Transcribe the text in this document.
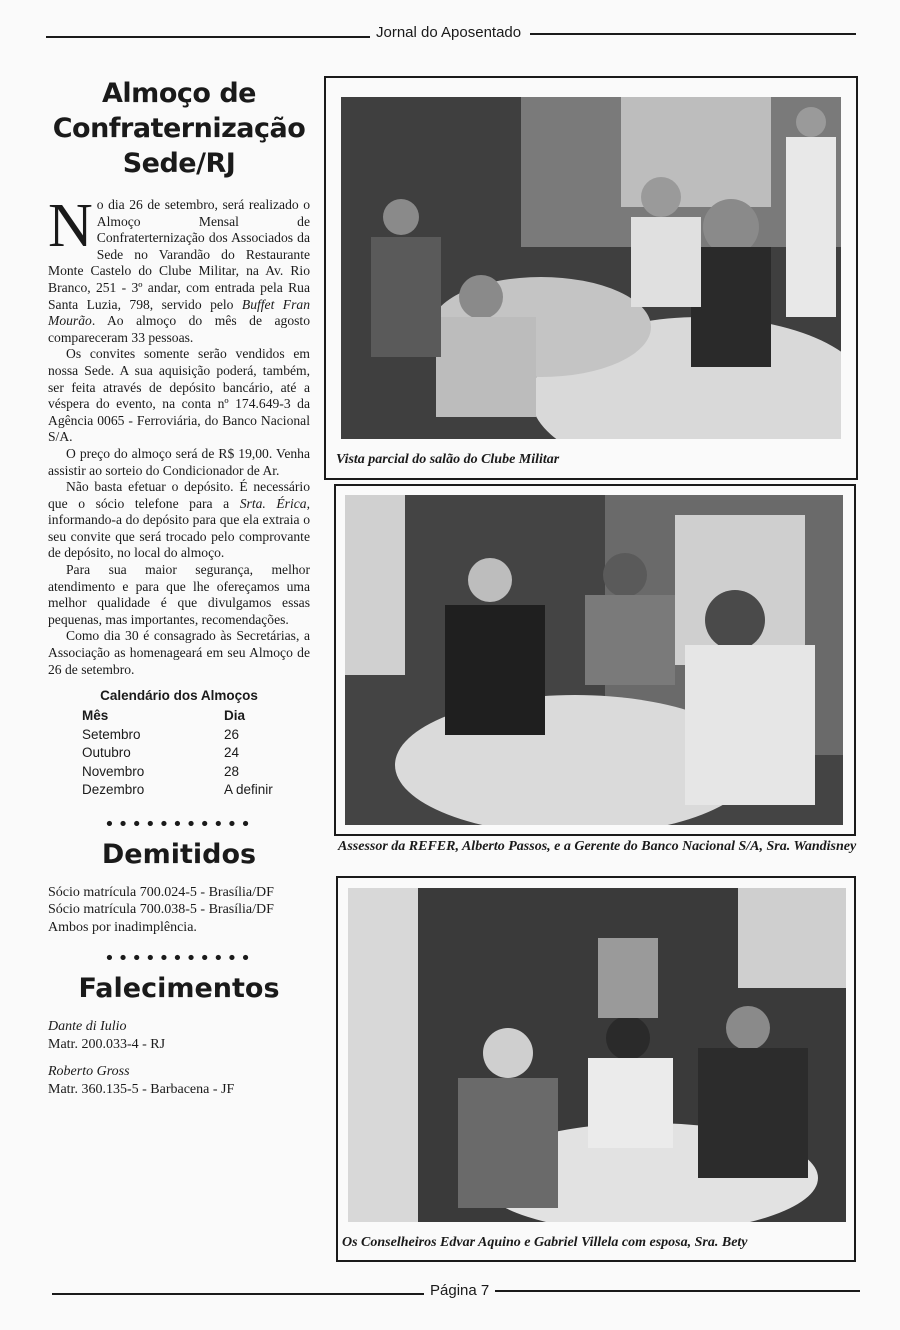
Jornal do Aposentado
Almoço de
Confraternização
Sede/RJ

No dia 26 de setembro, será realizado o Almoço Mensal de Confraterternização dos Associados da Sede no Varandão do Restaurante Monte Castelo do Clube Militar, na Av. Rio Branco, 251 - 3º andar, com entrada pela Rua Santa Luzia, 798, servido pelo Buffet Fran Mourão. Ao almoço do mês de agosto compareceram 33 pessoas.

Os convites somente serão vendidos em nossa Sede. A sua aquisição poderá, também, ser feita através de depósito bancário, até a véspera do evento, na conta nº 174.649-3 da Agência 0065 - Ferroviária, do Banco Nacional S/A.

O preço do almoço será de R$ 19,00. Venha assistir ao sorteio do Condicionador de Ar.

Não basta efetuar o depósito. É necessário que o sócio telefone para a Srta. Érica, informando-a do depósito para que ela extraia o seu convite que será trocado pelo comprovante de depósito, no local do almoço.

Para sua maior segurança, melhor atendimento e para que lhe ofereçamos uma melhor qualidade é que divulgamos essas pequenas, mas importantes, recomendações.

Como dia 30 é consagrado às Secretárias, a Associação as homenageará em seu Almoço de 26 de setembro.

Calendário dos Almoços
Mês	Dia
Setembro	26
Outubro	24
Novembro	28
Dezembro	A definir
•••••••••••
Demitidos
Sócio matrícula 700.024-5 - Brasília/DF
Sócio matrícula 700.038-5 - Brasília/DF
Ambos por inadimplência.
•••••••••••
Falecimentos
Dante di Iulio
Matr. 200.033-4 - RJ
Roberto Gross
Matr. 360.135-5 - Barbacena - JF
Vista parcial do salão do Clube Militar
Assessor da REFER, Alberto Passos, e a Gerente do Banco Nacional S/A, Sra. Wandisney
Os Conselheiros Edvar Aquino e Gabriel Villela com esposa, Sra. Bety
Página 7
